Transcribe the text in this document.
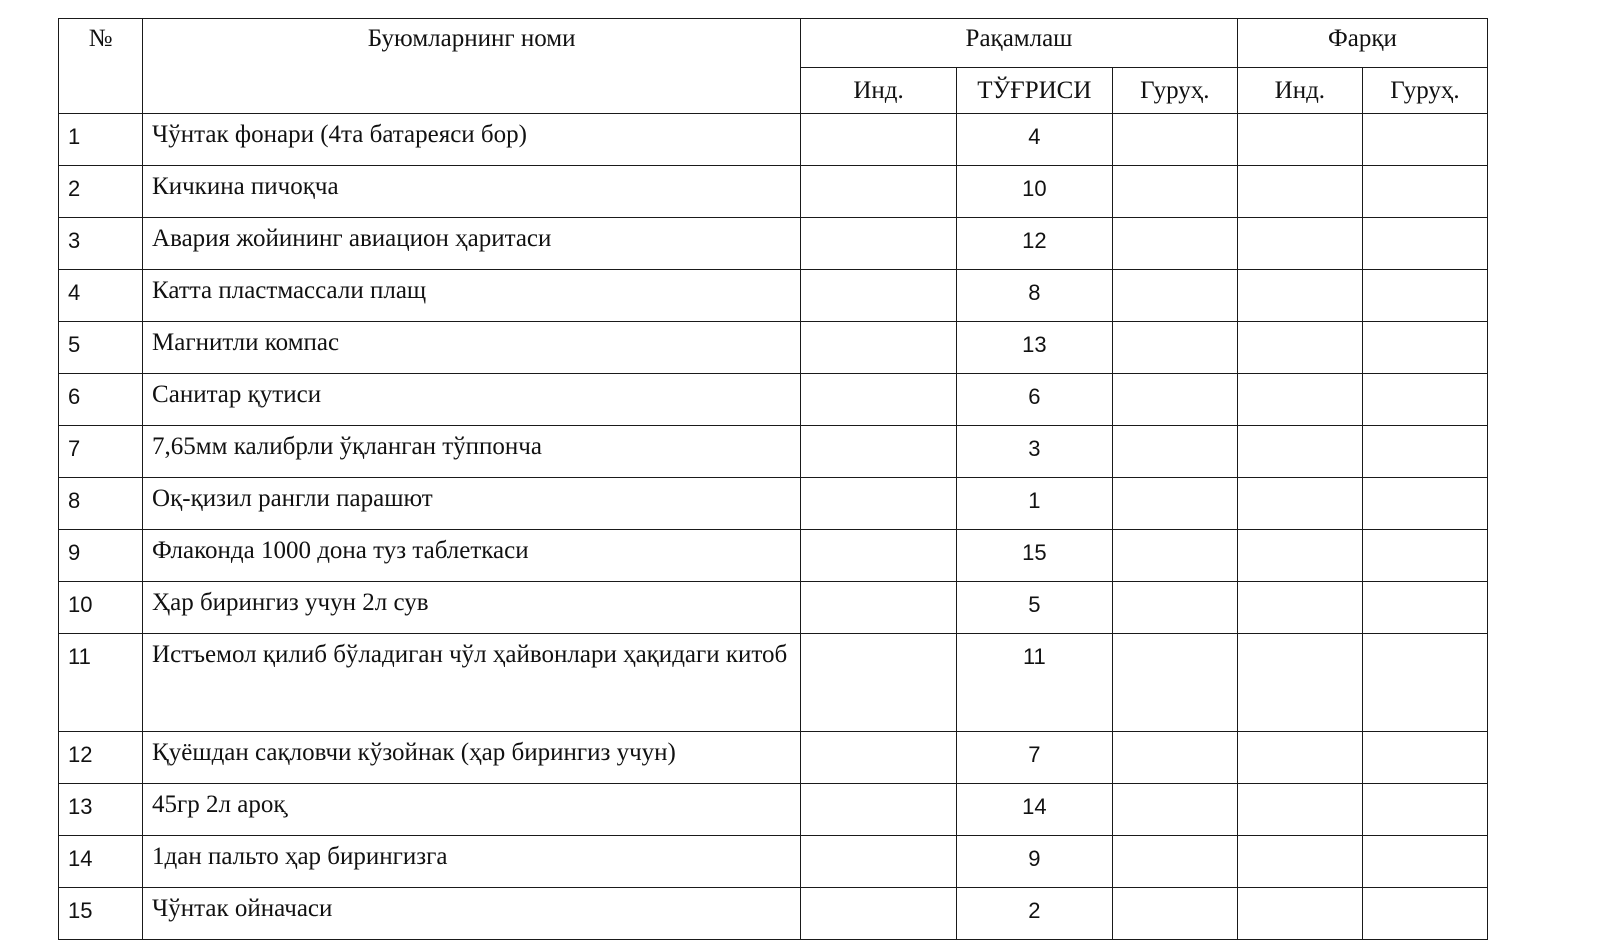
№	Буюмларнинг номи	Рақамлаш			Фарқи	
		Инд.	ТЎҒРИСИ	Гуруҳ.	Инд.	Гуруҳ.
1	Чўнтак фонари (4та батареяси бор)		4			
2	Кичкина пичоқча		10			
3	Авария жойининг авиацион ҳаритаси		12			
4	Катта пластмассали плащ		8			
5	Магнитли компас		13			
6	Санитар қутиси		6			
7	7,65мм калибрли ўқланган тўппонча		3			
8	Оқ-қизил рангли парашют		1			
9	Флаконда 1000 дона туз таблеткаси		15			
10	Ҳар бирингиз учун 2л сув		5			
11	Истъемол қилиб бўладиган чўл ҳайвонлари ҳақидаги китоб		11			
12	Қуёшдан сақловчи кўзойнак (ҳар бирингиз учун)		7			
13	45гр 2л арок̧		14			
14	1дан пальто ҳар бирингизга		9			
15	Чўнтак ойначаси		2			
